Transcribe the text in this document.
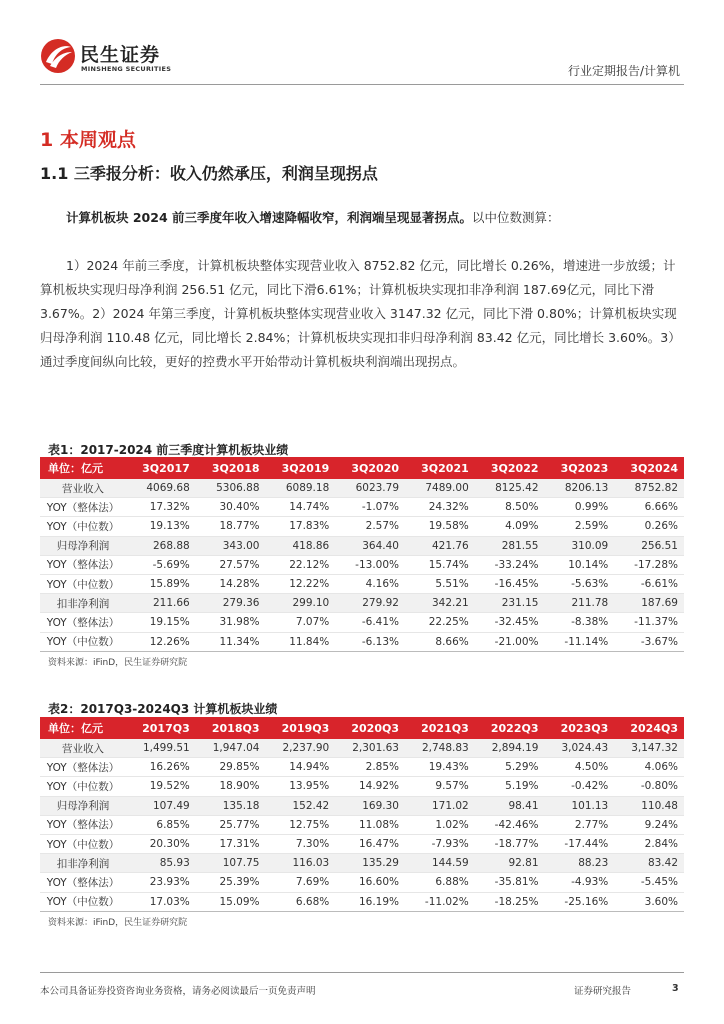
民生证券
MINSHENG SECURITIES	行业定期报告/计算机
1 本周观点
1.1 三季报分析：收入仍然承压，利润呈现拐点

计算机板块 2024 前三季度年收入增速降幅收窄，利润端呈现显著拐点。以中位数测算：

1）2024 年前三季度，计算机板块整体实现营业收入 8752.82 亿元，同比增长 0.26%，增速进一步放缓；计算机板块实现归母净利润 256.51 亿元，同比下滑6.61%；计算机板块实现扣非净利润 187.69亿元，同比下滑 3.67%。2）2024 年第三季度，计算机板块整体实现营业收入 3147.32 亿元，同比下滑 0.80%；计算机板块实现归母净利润 110.48 亿元，同比增长 2.84%；计算机板块实现扣非归母净利润 83.42 亿元，同比增长 3.60%。3）通过季度间纵向比较，更好的控费水平开始带动计算机板块利润端出现拐点。

表1：2017-2024 前三季度计算机板块业绩
单位：亿元	3Q2017	3Q2018	3Q2019	3Q2020	3Q2021	3Q2022	3Q2023	3Q2024
营业收入	4069.68	5306.88	6089.18	6023.79	7489.00	8125.42	8206.13	8752.82
YOY（整体法）	17.32%	30.40%	14.74%	-1.07%	24.32%	8.50%	0.99%	6.66%
YOY（中位数）	19.13%	18.77%	17.83%	2.57%	19.58%	4.09%	2.59%	0.26%
归母净利润	268.88	343.00	418.86	364.40	421.76	281.55	310.09	256.51
YOY（整体法）	-5.69%	27.57%	22.12%	-13.00%	15.74%	-33.24%	10.14%	-17.28%
YOY（中位数）	15.89%	14.28%	12.22%	4.16%	5.51%	-16.45%	-5.63%	-6.61%
扣非净利润	211.66	279.36	299.10	279.92	342.21	231.15	211.78	187.69
YOY（整体法）	19.15%	31.98%	7.07%	-6.41%	22.25%	-32.45%	-8.38%	-11.37%
YOY（中位数）	12.26%	11.34%	11.84%	-6.13%	8.66%	-21.00%	-11.14%	-3.67%
资料来源：iFinD，民生证券研究院
表2：2017Q3-2024Q3 计算机板块业绩
单位：亿元	2017Q3	2018Q3	2019Q3	2020Q3	2021Q3	2022Q3	2023Q3	2024Q3
营业收入	1,499.51	1,947.04	2,237.90	2,301.63	2,748.83	2,894.19	3,024.43	3,147.32
YOY（整体法）	16.26%	29.85%	14.94%	2.85%	19.43%	5.29%	4.50%	4.06%
YOY（中位数）	19.52%	18.90%	13.95%	14.92%	9.57%	5.19%	-0.42%	-0.80%
归母净利润	107.49	135.18	152.42	169.30	171.02	98.41	101.13	110.48
YOY（整体法）	6.85%	25.77%	12.75%	11.08%	1.02%	-42.46%	2.77%	9.24%
YOY（中位数）	20.30%	17.31%	7.30%	16.47%	-7.93%	-18.77%	-17.44%	2.84%
扣非净利润	85.93	107.75	116.03	135.29	144.59	92.81	88.23	83.42
YOY（整体法）	23.93%	25.39%	7.69%	16.60%	6.88%	-35.81%	-4.93%	-5.45%
YOY（中位数）	17.03%	15.09%	6.68%	16.19%	-11.02%	-18.25%	-25.16%	3.60%
资料来源：iFinD，民生证券研究院
本公司具备证券投资咨询业务资格，请务必阅读最后一页免责声明	证券研究报告	3
